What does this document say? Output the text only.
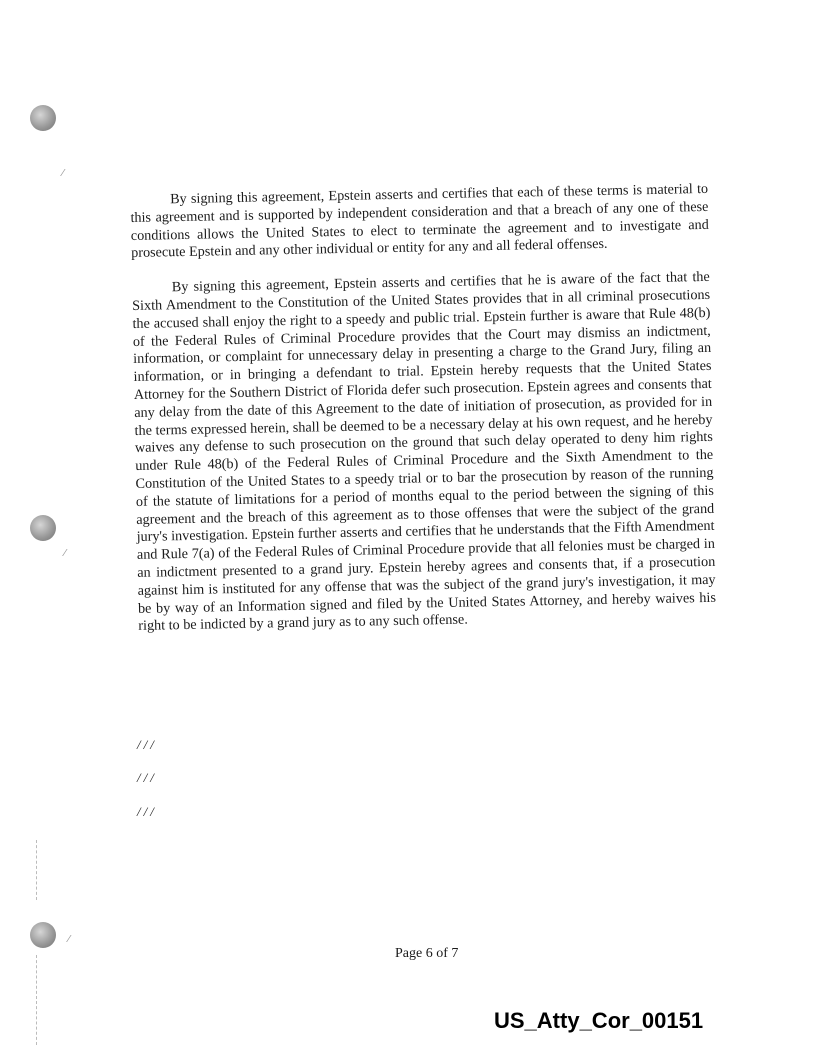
⁄
⁄
⁄

By signing this agreement, Epstein asserts and certifies that each of these terms is material to this agreement and is supported by independent consideration and that a breach of any one of these conditions allows the United States to elect to terminate the agreement and to investigate and prosecute Epstein and any other individual or entity for any and all federal offenses.

By signing this agreement, Epstein asserts and certifies that he is aware of the fact that the Sixth Amendment to the Constitution of the United States provides that in all criminal prosecutions the accused shall enjoy the right to a speedy and public trial. Epstein further is aware that Rule 48(b) of the Federal Rules of Criminal Procedure provides that the Court may dismiss an indictment, information, or complaint for unnecessary delay in presenting a charge to the Grand Jury, filing an information, or in bringing a defendant to trial. Epstein hereby requests that the United States Attorney for the Southern District of Florida defer such prosecution. Epstein agrees and consents that any delay from the date of this Agreement to the date of initiation of prosecution, as provided for in the terms expressed herein, shall be deemed to be a necessary delay at his own request, and he hereby waives any defense to such prosecution on the ground that such delay operated to deny him rights under Rule 48(b) of the Federal Rules of Criminal Procedure and the Sixth Amendment to the Constitution of the United States to a speedy trial or to bar the prosecution by reason of the running of the statute of limitations for a period of months equal to the period between the signing of this agreement and the breach of this agreement as to those offenses that were the subject of the grand jury's investigation. Epstein further asserts and certifies that he understands that the Fifth Amendment and Rule 7(a) of the Federal Rules of Criminal Procedure provide that all felonies must be charged in an indictment presented to a grand jury. Epstein hereby agrees and consents that, if a prosecution against him is instituted for any offense that was the subject of the grand jury's investigation, it may be by way of an Information signed and filed by the United States Attorney, and hereby waives his right to be indicted by a grand jury as to any such offense.

///
///
///
Page 6 of 7
US_Atty_Cor_00151
